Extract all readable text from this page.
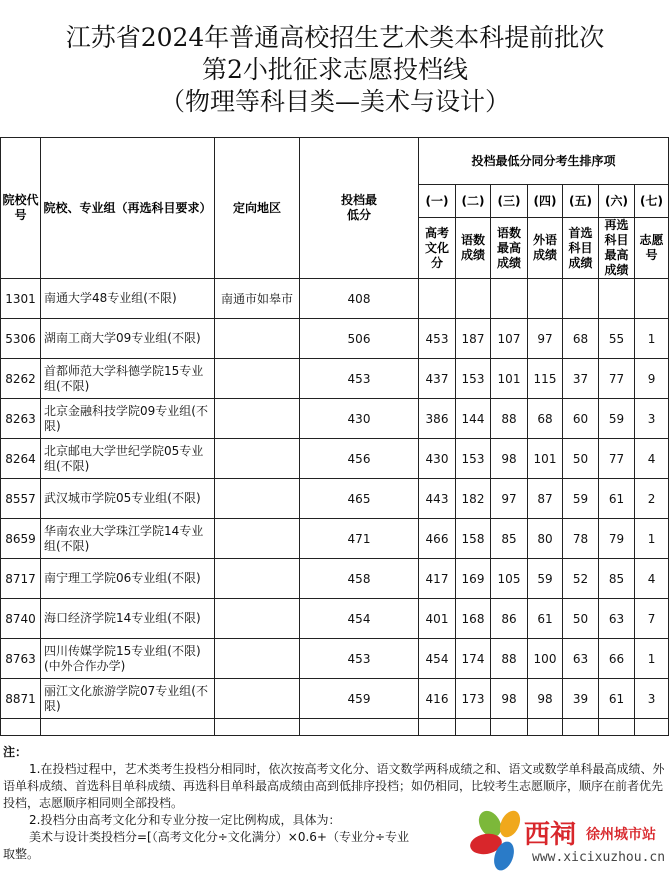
江苏省2024年普通高校招生艺术类本科提前批次
第2小批征求志愿投档线
（物理等科目类—美术与设计）
院校代号	院校、专业组（再选科目要求）	定向地区	投档最低分	投档最低分同分考生排序项						
				(一)	(二)	(三)	(四)	(五)	(六)	(七)
				高考文化分	语数成绩	语数最高成绩	外语成绩	首选科目成绩	再选科目最高成绩	志愿号
1301	南通大学48专业组(不限)	南通市如皋市	408							
5306	湖南工商大学09专业组(不限)		506	453	187	107	97	68	55	1
8262	首都师范大学科德学院15专业组(不限)		453	437	153	101	115	37	77	9
8263	北京金融科技学院09专业组(不限)		430	386	144	88	68	60	59	3
8264	北京邮电大学世纪学院05专业组(不限)		456	430	153	98	101	50	77	4
8557	武汉城市学院05专业组(不限)		465	443	182	97	87	59	61	2
8659	华南农业大学珠江学院14专业组(不限)		471	466	158	85	80	78	79	1
8717	南宁理工学院06专业组(不限)		458	417	169	105	59	52	85	4
8740	海口经济学院14专业组(不限)		454	401	168	86	61	50	63	7
8763	四川传媒学院15专业组(不限)(中外合作办学)		453	454	174	88	100	63	66	1
8871	丽江文化旅游学院07专业组(不限)		459	416	173	98	98	39	61	3

注：

1.在投档过程中，艺术类考生投档分相同时，依次按高考文化分、语文数学两科成绩之和、语文或数学单科最高成绩、外语单科成绩、首选科目单科成绩、再选科目单科最高成绩由高到低排序投档；如仍相同，比较考生志愿顺序，顺序在前者优先投档，志愿顺序相同则全部投档。

2.投档分由高考文化分和专业分按一定比例构成，具体为：

美术与设计类投档分=[（高考文化分÷文化满分）×0.6+（专业分÷专业

取整。

西祠 徐州城市站
www.xicixuzhou.cn
